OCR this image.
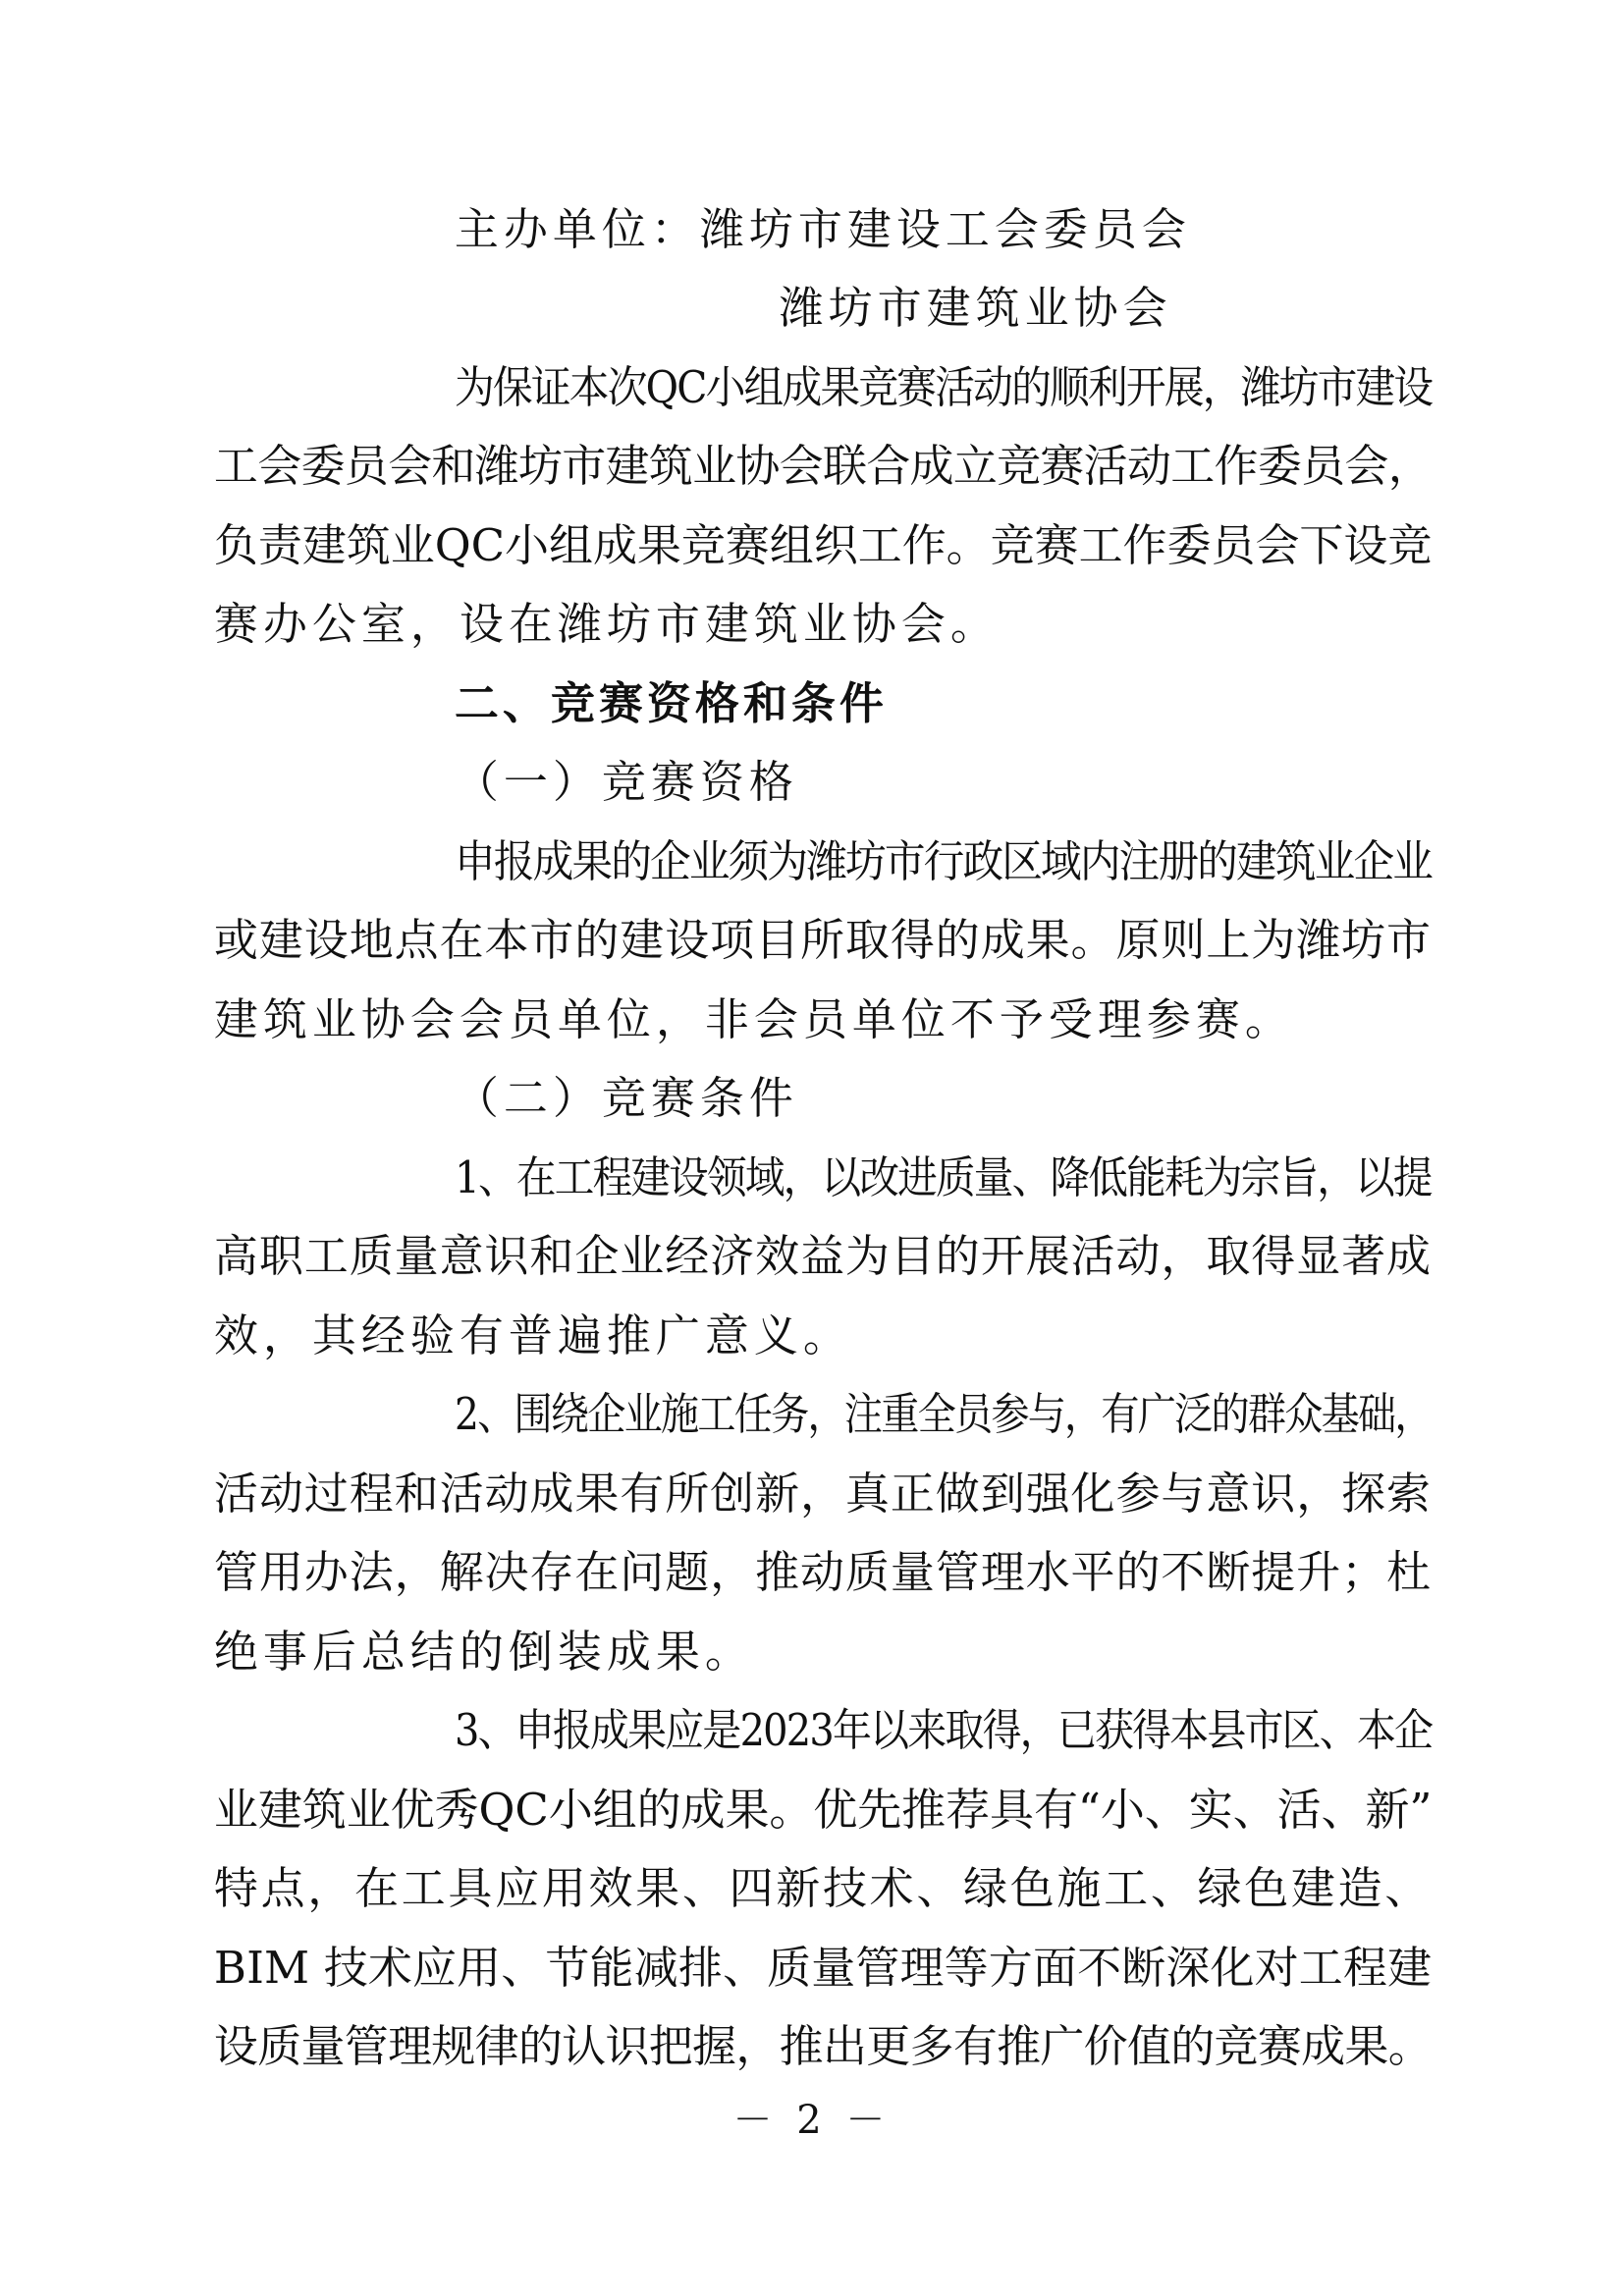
主办单位：潍坊市建设工会委员会
潍坊市建筑业协会
为保证本次QC小组成果竞赛活动的顺利开展，潍坊市建设
工会委员会和潍坊市建筑业协会联合成立竞赛活动工作委员会，
负责建筑业QC小组成果竞赛组织工作。竞赛工作委员会下设竞
赛办公室，设在潍坊市建筑业协会。
二、竞赛资格和条件
（一）竞赛资格
申报成果的企业须为潍坊市行政区域内注册的建筑业企业
或建设地点在本市的建设项目所取得的成果。原则上为潍坊市
建筑业协会会员单位，非会员单位不予受理参赛。
（二）竞赛条件
1、在工程建设领域，以改进质量、降低能耗为宗旨，以提
高职工质量意识和企业经济效益为目的开展活动，取得显著成
效，其经验有普遍推广意义。
2、围绕企业施工任务，注重全员参与，有广泛的群众基础，
活动过程和活动成果有所创新，真正做到强化参与意识，探索
管用办法，解决存在问题，推动质量管理水平的不断提升；杜
绝事后总结的倒装成果。
3、申报成果应是2023年以来取得，已获得本县市区、本企
业建筑业优秀QC小组的成果。优先推荐具有“小、实、活、新”
特点，在工具应用效果、四新技术、绿色施工、绿色建造、
BIM 技术应用、节能减排、质量管理等方面不断深化对工程建
设质量管理规律的认识把握，推出更多有推广价值的竞赛成果。
－ 2 －
